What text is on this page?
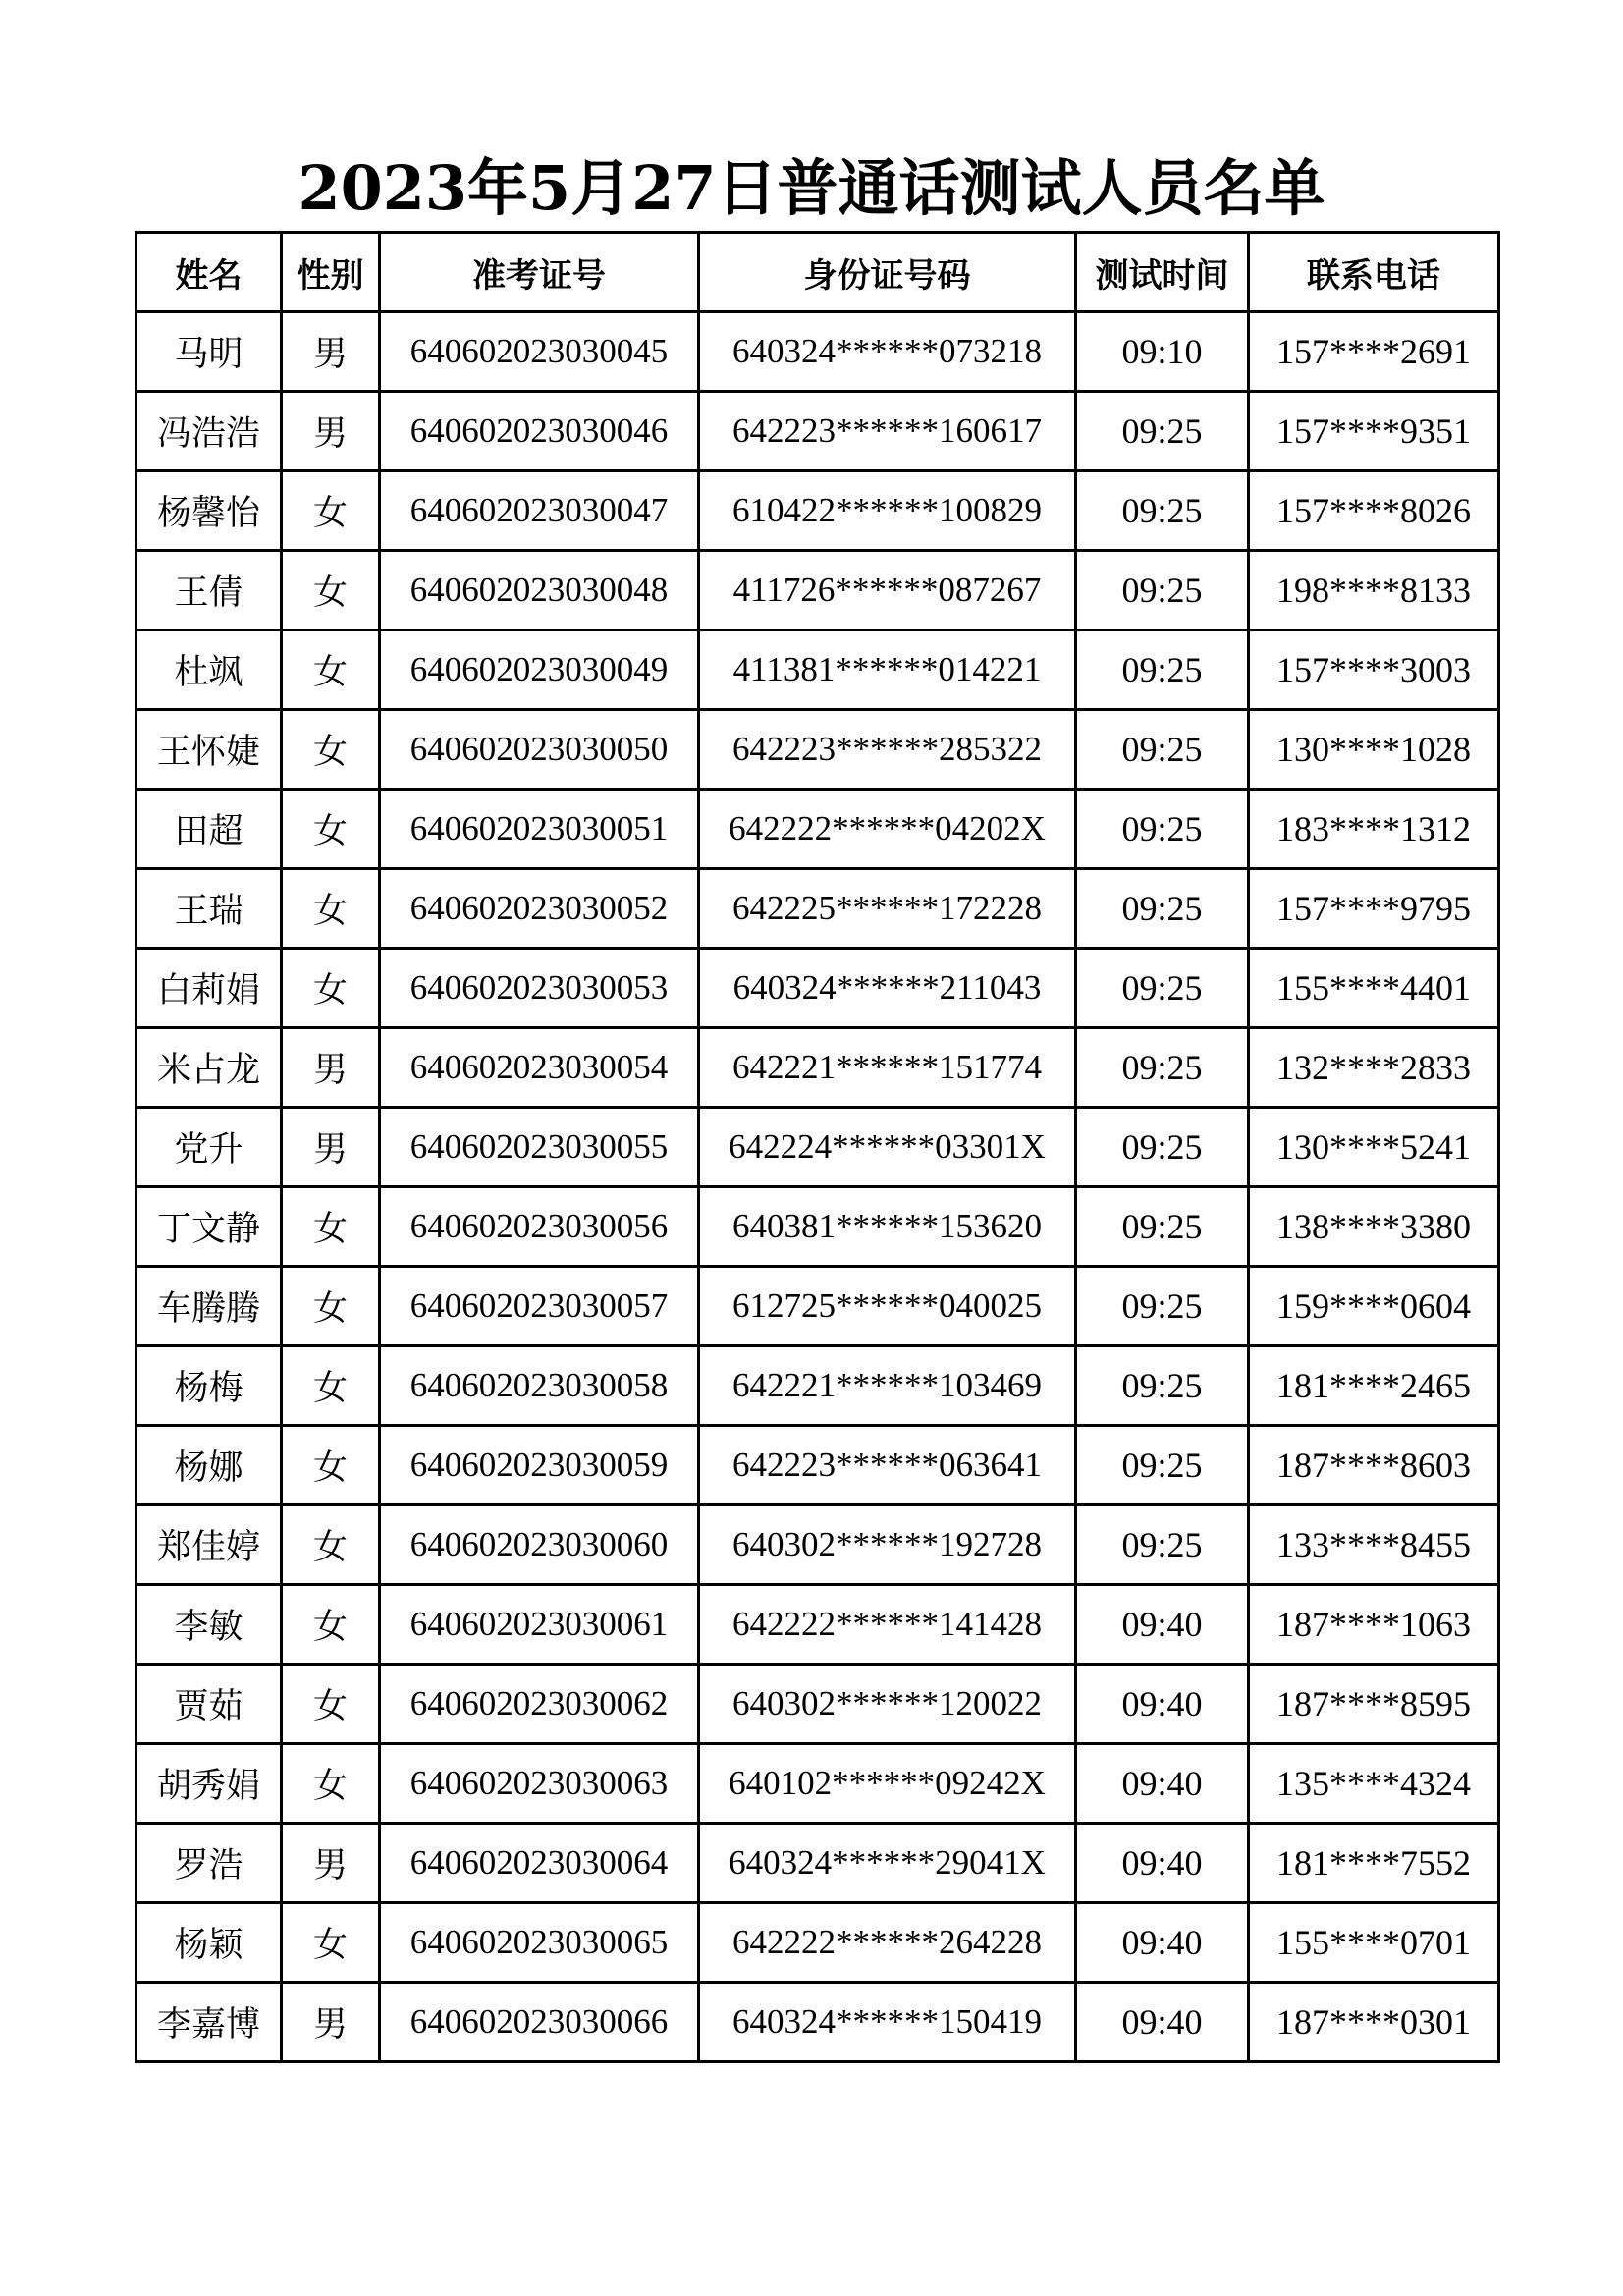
2023年5月27日普通话测试人员名单
姓名	性别	准考证号	身份证号码	测试时间	联系电话
马明	男	640602023030045	640324******073218	09:10	157****2691
冯浩浩	男	640602023030046	642223******160617	09:25	157****9351
杨馨怡	女	640602023030047	610422******100829	09:25	157****8026
王倩	女	640602023030048	411726******087267	09:25	198****8133
杜飒	女	640602023030049	411381******014221	09:25	157****3003
王怀婕	女	640602023030050	642223******285322	09:25	130****1028
田超	女	640602023030051	642222******04202X	09:25	183****1312
王瑞	女	640602023030052	642225******172228	09:25	157****9795
白莉娟	女	640602023030053	640324******211043	09:25	155****4401
米占龙	男	640602023030054	642221******151774	09:25	132****2833
党升	男	640602023030055	642224******03301X	09:25	130****5241
丁文静	女	640602023030056	640381******153620	09:25	138****3380
车腾腾	女	640602023030057	612725******040025	09:25	159****0604
杨梅	女	640602023030058	642221******103469	09:25	181****2465
杨娜	女	640602023030059	642223******063641	09:25	187****8603
郑佳婷	女	640602023030060	640302******192728	09:25	133****8455
李敏	女	640602023030061	642222******141428	09:40	187****1063
贾茹	女	640602023030062	640302******120022	09:40	187****8595
胡秀娟	女	640602023030063	640102******09242X	09:40	135****4324
罗浩	男	640602023030064	640324******29041X	09:40	181****7552
杨颖	女	640602023030065	642222******264228	09:40	155****0701
李嘉博	男	640602023030066	640324******150419	09:40	187****0301
